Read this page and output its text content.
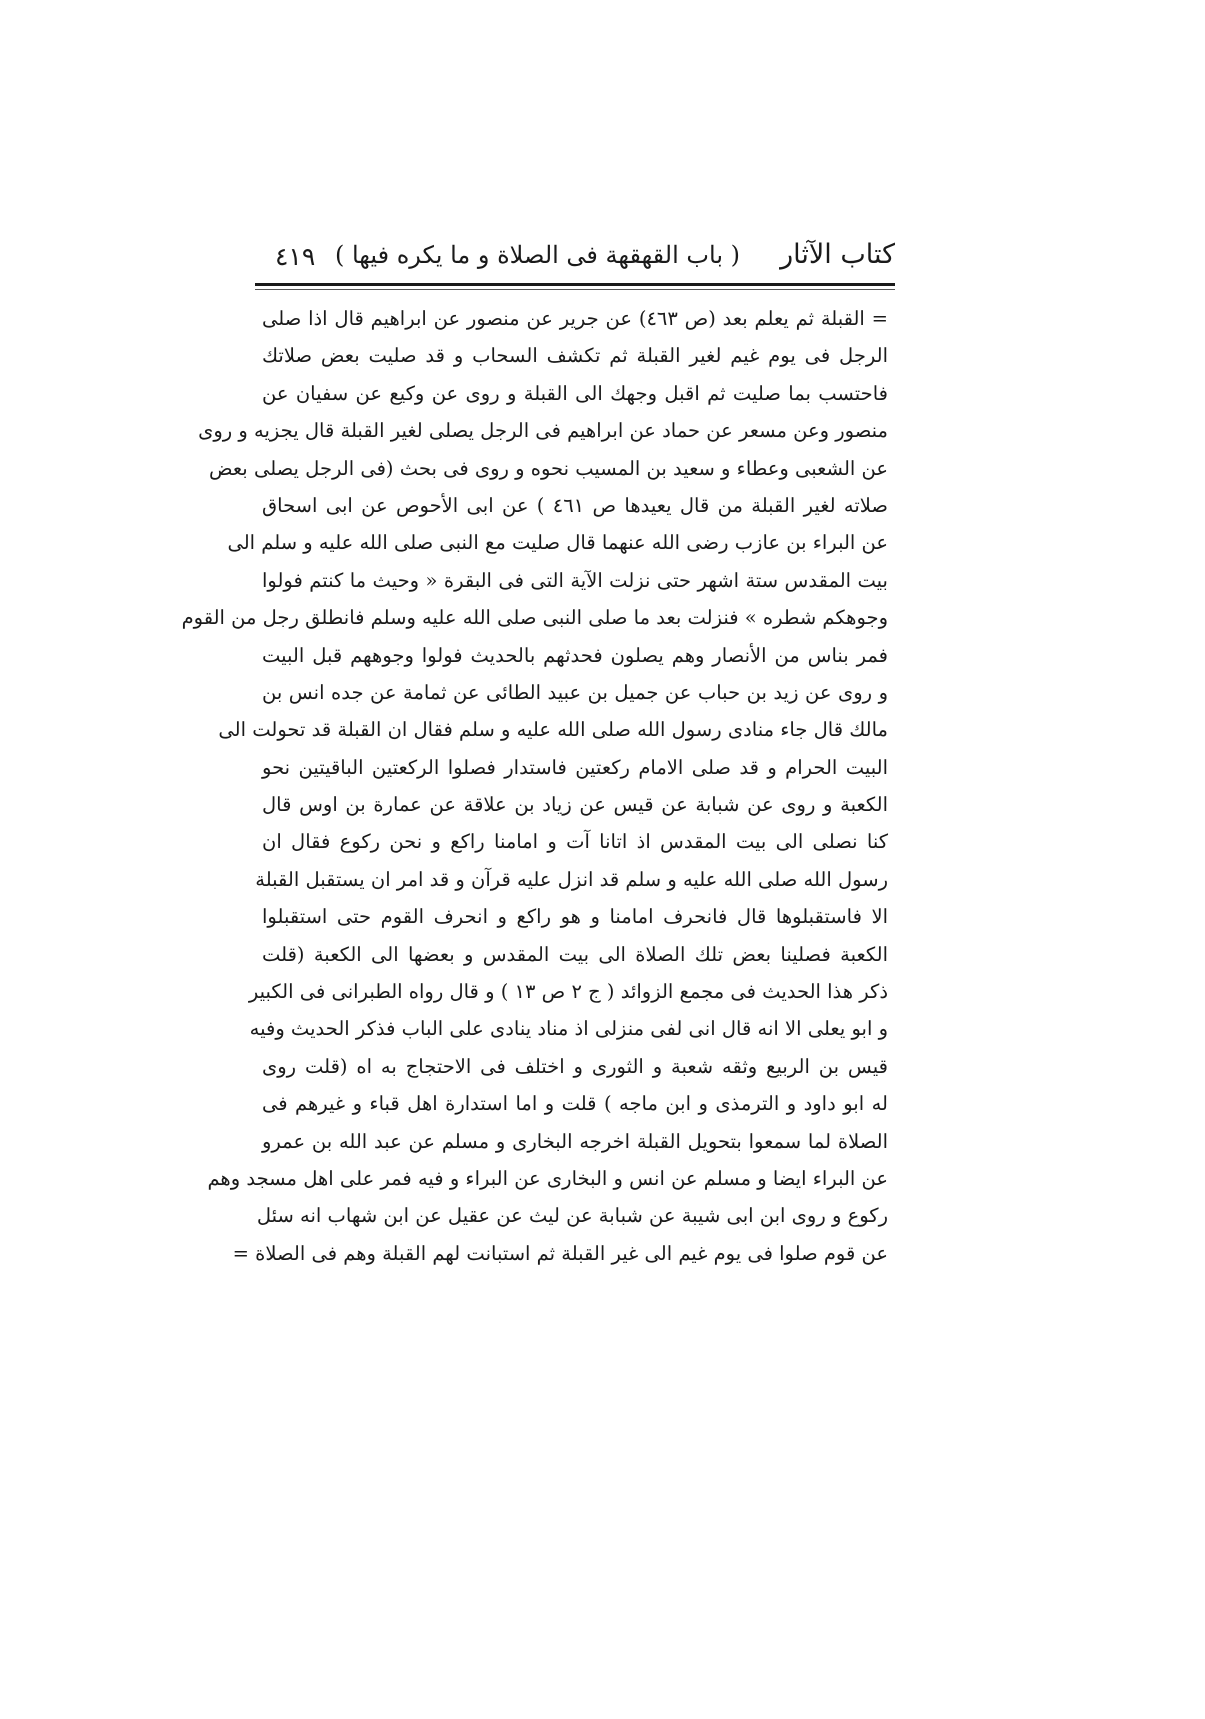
كتاب الآثار
( باب القهقهة فى الصلاة و ما يكره فيها )
٤١٩
= القبلة ثم يعلم بعد (ص ٤٦٣) عن جرير عن منصور عن ابراهيم قال اذا صلى
الرجل فى يوم غيم لغير القبلة ثم تكشف السحاب و قد صليت بعض صلاتك
فاحتسب بما صليت ثم اقبل وجهك الى القبلة و روى عن وكيع عن سفيان عن
منصور وعن مسعر عن حماد عن ابراهيم فى الرجل يصلى لغير القبلة قال يجزيه و روى
عن الشعبى وعطاء و سعيد بن المسيب نحوه و روى فى بحث (فى الرجل يصلى بعض
صلاته لغير القبلة من قال يعيدها ص ٤٦١ ) عن ابى الأحوص عن ابى اسحاق
عن البراء بن عازب رضى الله عنهما قال صليت مع النبى صلى الله عليه و سلم الى
بيت المقدس ستة اشهر حتى نزلت الآية التى فى البقرة « وحيث ما كنتم فولوا
وجوهكم شطره » فنزلت بعد ما صلى النبى صلى الله عليه وسلم فانطلق رجل من القوم
فمر بناس من الأنصار وهم يصلون فحدثهم بالحديث فولوا وجوههم قبل البيت
و روى عن زيد بن حباب عن جميل بن عبيد الطائى عن ثمامة عن جده انس بن
مالك قال جاء منادى رسول الله صلى الله عليه و سلم فقال ان القبلة قد تحولت الى
البيت الحرام و قد صلى الامام ركعتين فاستدار فصلوا الركعتين الباقيتين نحو
الكعبة و روى عن شبابة عن قيس عن زياد بن علاقة عن عمارة بن اوس قال
كنا نصلى الى بيت المقدس اذ اتانا آت و امامنا راكع و نحن ركوع فقال ان
رسول الله صلى الله عليه و سلم قد انزل عليه قرآن و قد امر ان يستقبل القبلة
الا فاستقبلوها قال فانحرف امامنا و هو راكع و انحرف القوم حتى استقبلوا
الكعبة فصلينا بعض تلك الصلاة الى بيت المقدس و بعضها الى الكعبة (قلت
ذكر هذا الحديث فى مجمع الزوائد ( ج ٢ ص ١٣ ) و قال رواه الطبرانى فى الكبير
و ابو يعلى الا انه قال انى لفى منزلى اذ مناد ينادى على الباب فذكر الحديث وفيه
قيس بن الربيع وثقه شعبة و الثورى و اختلف فى الاحتجاج به اه (قلت روى
له ابو داود و الترمذى و ابن ماجه ) قلت و اما استدارة اهل قباء و غيرهم فى
الصلاة لما سمعوا بتحويل القبلة اخرجه البخارى و مسلم عن عبد الله بن عمرو
عن البراء ايضا و مسلم عن انس و البخارى عن البراء و فيه فمر على اهل مسجد وهم
ركوع و روى ابن ابى شيبة عن شبابة عن ليث عن عقيل عن ابن شهاب انه سئل
عن قوم صلوا فى يوم غيم الى غير القبلة ثم استبانت لهم القبلة وهم فى الصلاة =
